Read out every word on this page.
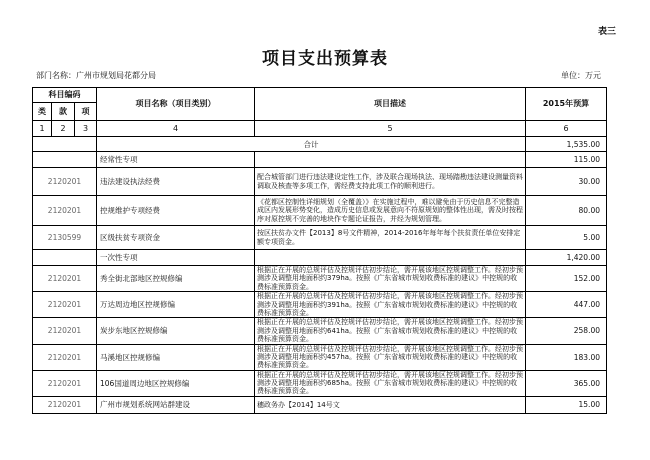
表三
项目支出预算表
部门名称：广州市规划局花都分局	单位：万元
科目编码			项目名称（项目类别）	项目描述	2015年预算
类	款	项			
1	2	3	4	5	6
			合计		1,535.00
			经常性专项		115.00
2120201			违法建设执法经费	配合城管部门进行违法建设定性工作，涉及联合现场执法、现场踏勘违法建设测量资料调取及核查等多项工作，需经费支持此项工作的顺利进行。	30.00
2120201			控规维护专项经费	《花都区控制性详细规划（全覆盖）》在实施过程中，难以避免由于历史信息不完整造成区内发展形势变化，造成历史信息或发展意向不符原规划的整体性出现，需及时按程序对原控规不完善的地块作专题论证报告，并经为规划管理。	80.00
2130599			区级扶贫专项资金	按区扶贫办文件【2013】8号文件精神，2014-2016年每年每个扶贫责任单位安排定额专项资金。	5.00
			一次性专项		1,420.00
2120201			秀全街北部地区控规修编	根据正在开展的总规评估及控规评估初步结论，需开展该地区控规调整工作。经初步预测涉及调整用地面积约379ha。按照《广东省城市规划收费标准的建议》中控规的收费标准预算资金。	152.00
2120201			万达周边地区控规修编	根据正在开展的总规评估及控规评估初步结论，需开展该地区控规调整工作。经初步预测涉及调整用地面积约391ha。按照《广东省城市规划收费标准的建议》中控规的收费标准预算资金。	447.00
2120201			炭步东地区控规修编	根据正在开展的总规评估及控规评估初步结论，需开展该地区控规调整工作。经初步预测涉及调整用地面积约641ha。按照《广东省城市规划收费标准的建议》中控规的收费标准预算资金。	258.00
2120201			马溪地区控规修编	根据正在开展的总规评估及控规评估初步结论，需开展该地区控规调整工作。经初步预测涉及调整用地面积约457ha。按照《广东省城市规划收费标准的建议》中控规的收费标准预算资金。	183.00
2120201			106国道周边地区控规修编	根据正在开展的总规评估及控规评估初步结论，需开展该地区控规调整工作。经初步预测涉及调整用地面积约685ha。按照《广东省城市规划收费标准的建议》中控规的收费标准预算资金。	365.00
2120201			广州市规划系统网站群建设	穗政务办【2014】14号文	15.00
